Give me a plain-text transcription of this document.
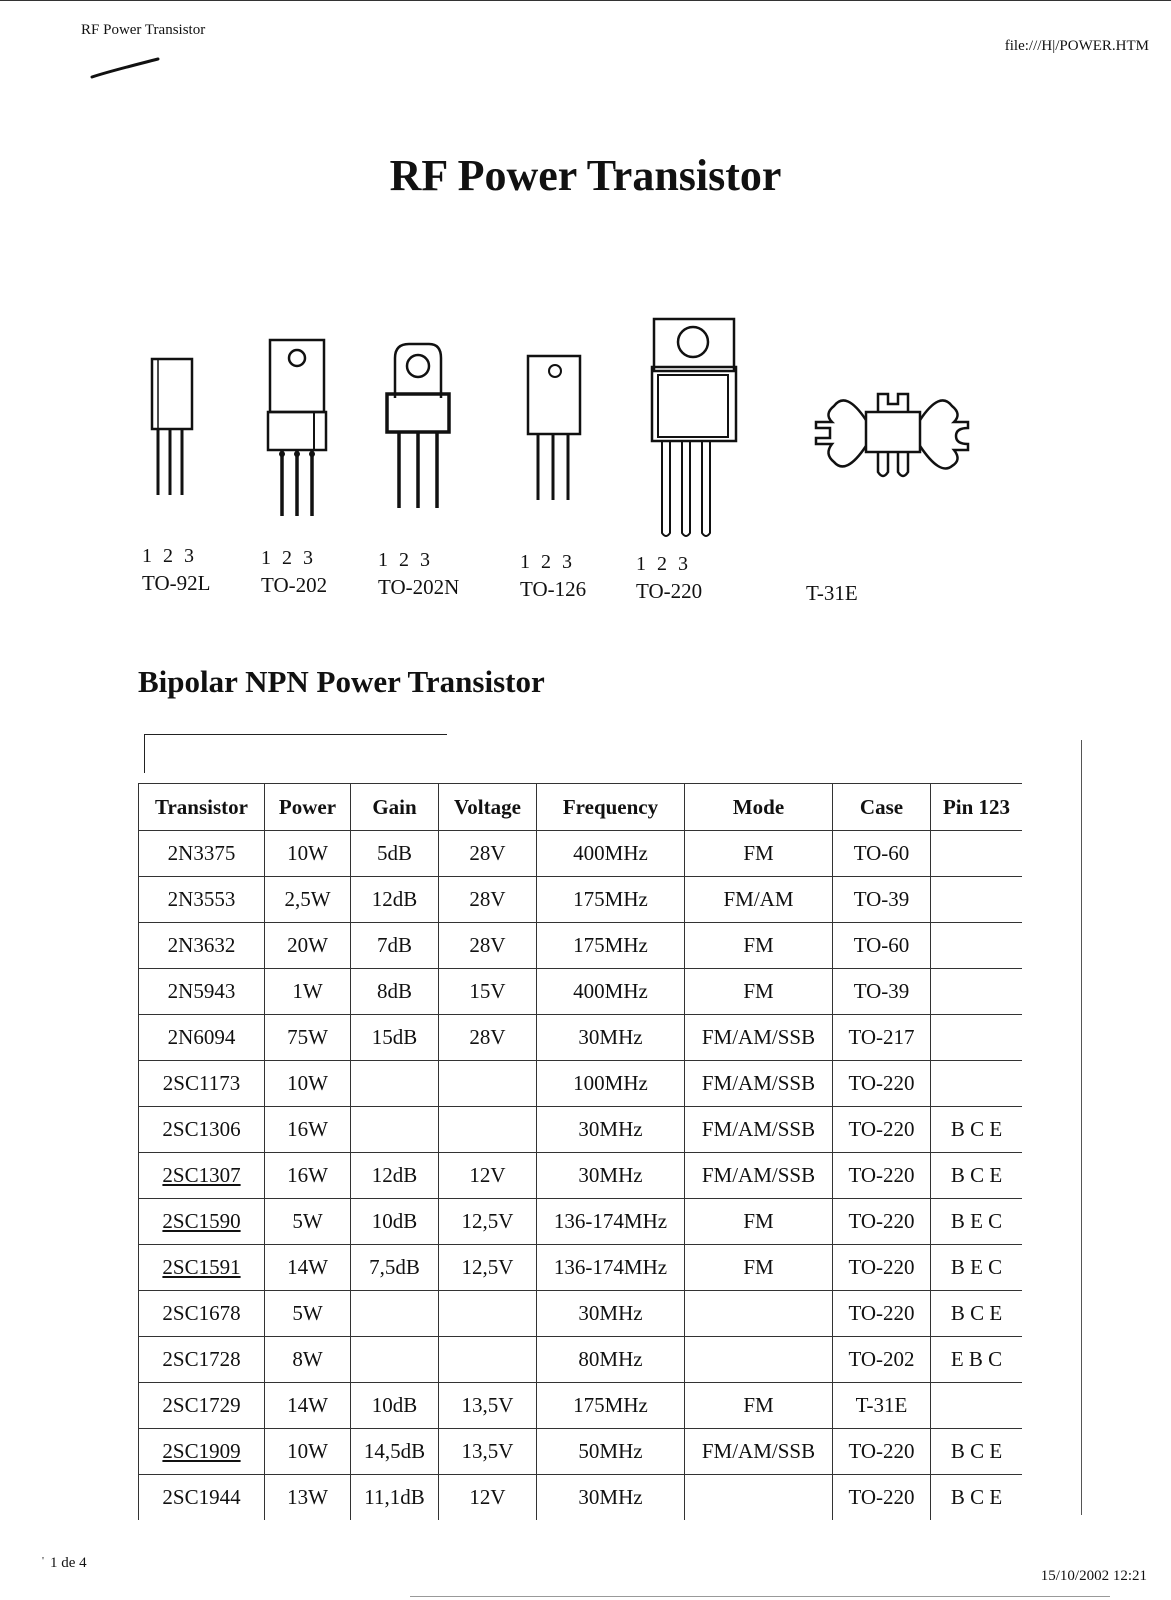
RF Power Transistor
file:///H|/POWER.HTM
RF Power Transistor
1 2 3
TO-92L
1 2 3
TO-202
1 2 3
TO-202N
1 2 3
TO-126
1 2 3
TO-220	T-31E
Bipolar NPN Power Transistor
Transistor	Power	Gain	Voltage	Frequency	Mode	Case	Pin 123
2N3375	10W	5dB	28V	400MHz	FM	TO-60	
2N3553	2,5W	12dB	28V	175MHz	FM/AM	TO-39	
2N3632	20W	7dB	28V	175MHz	FM	TO-60	
2N5943	1W	8dB	15V	400MHz	FM	TO-39	
2N6094	75W	15dB	28V	30MHz	FM/AM/SSB	TO-217	
2SC1173	10W			100MHz	FM/AM/SSB	TO-220	
2SC1306	16W			30MHz	FM/AM/SSB	TO-220	B C E
2SC1307	16W	12dB	12V	30MHz	FM/AM/SSB	TO-220	B C E
2SC1590	5W	10dB	12,5V	136-174MHz	FM	TO-220	B E C
2SC1591	14W	7,5dB	12,5V	136-174MHz	FM	TO-220	B E C
2SC1678	5W			30MHz		TO-220	B C E
2SC1728	8W			80MHz		TO-202	E B C
2SC1729	14W	10dB	13,5V	175MHz	FM	T-31E	
2SC1909	10W	14,5dB	13,5V	50MHz	FM/AM/SSB	TO-220	B C E
2SC1944	13W	11,1dB	12V	30MHz		TO-220	B C E
' 1 de 4
15/10/2002 12:21
